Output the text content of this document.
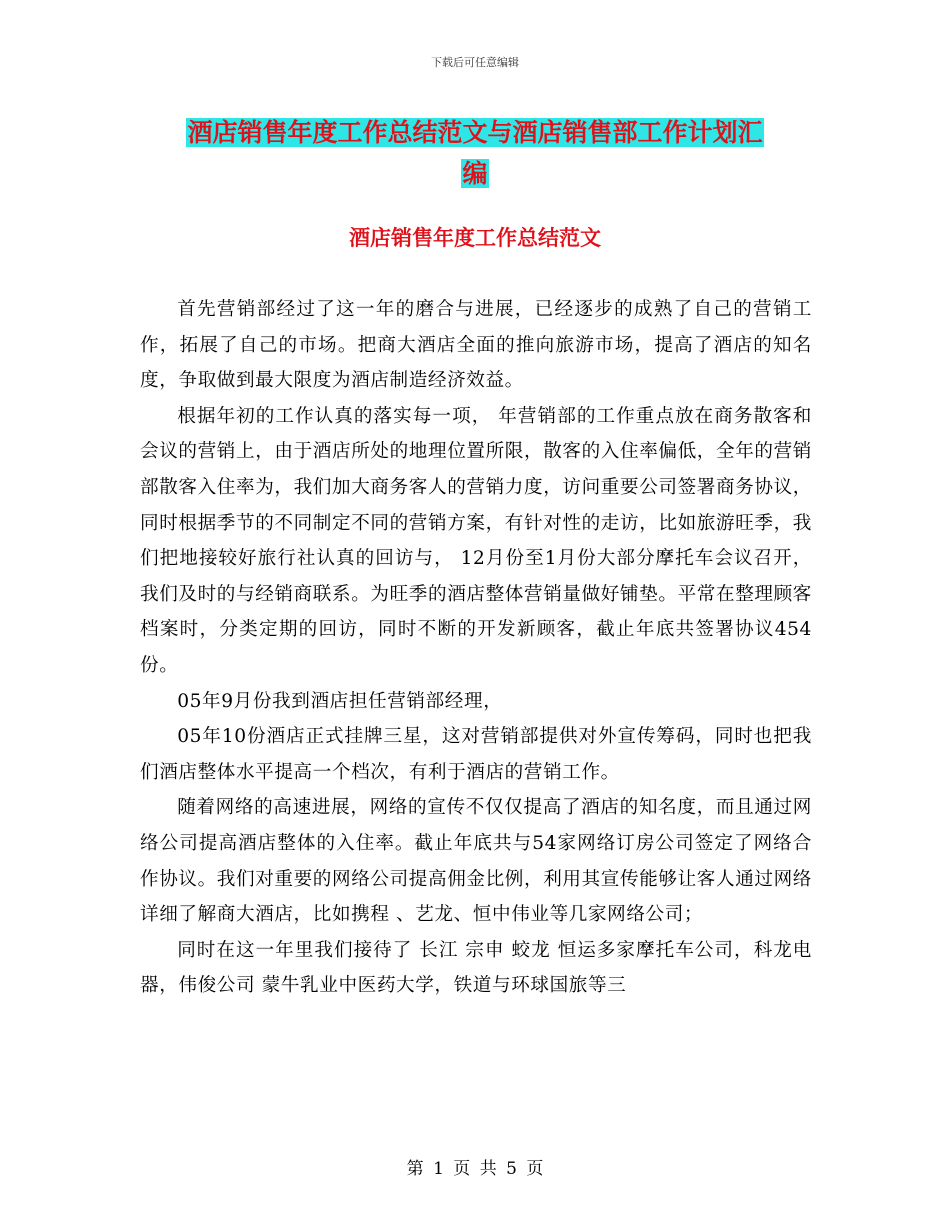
下载后可任意编辑
酒店销售年度工作总结范文与酒店销售部工作计划汇
编
酒店销售年度工作总结范文

首先营销部经过了这一年的磨合与进展，已经逐步的成熟了自己的营销工作，拓展了自己的市场。把商大酒店全面的推向旅游市场，提高了酒店的知名度，争取做到最大限度为酒店制造经济效益。

根据年初的工作认真的落实每一项， 年营销部的工作重点放在商务散客和会议的营销上，由于酒店所处的地理位置所限，散客的入住率偏低，全年的营销部散客入住率为，我们加大商务客人的营销力度，访问重要公司签署商务协议，同时根据季节的不同制定不同的营销方案，有针对性的走访，比如旅游旺季，我们把地接较好旅行社认真的回访与， 12月份至1月份大部分摩托车会议召开，我们及时的与经销商联系。为旺季的酒店整体营销量做好铺垫。平常在整理顾客档案时，分类定期的回访，同时不断的开发新顾客，截止年底共签署协议454份。

05年9月份我到酒店担任营销部经理，

05年10份酒店正式挂牌三星，这对营销部提供对外宣传筹码，同时也把我们酒店整体水平提高一个档次，有利于酒店的营销工作。

随着网络的高速进展，网络的宣传不仅仅提高了酒店的知名度，而且通过网络公司提高酒店整体的入住率。截止年底共与54家网络订房公司签定了网络合作协议。我们对重要的网络公司提高佣金比例，利用其宣传能够让客人通过网络详细了解商大酒店，比如携程 、艺龙、恒中伟业等几家网络公司；

同时在这一年里我们接待了 长江 宗申 蛟龙 恒运多家摩托车公司，科龙电器，伟俊公司 蒙牛乳业中医药大学，铁道与环球国旅等三

第 1 页 共 5 页
